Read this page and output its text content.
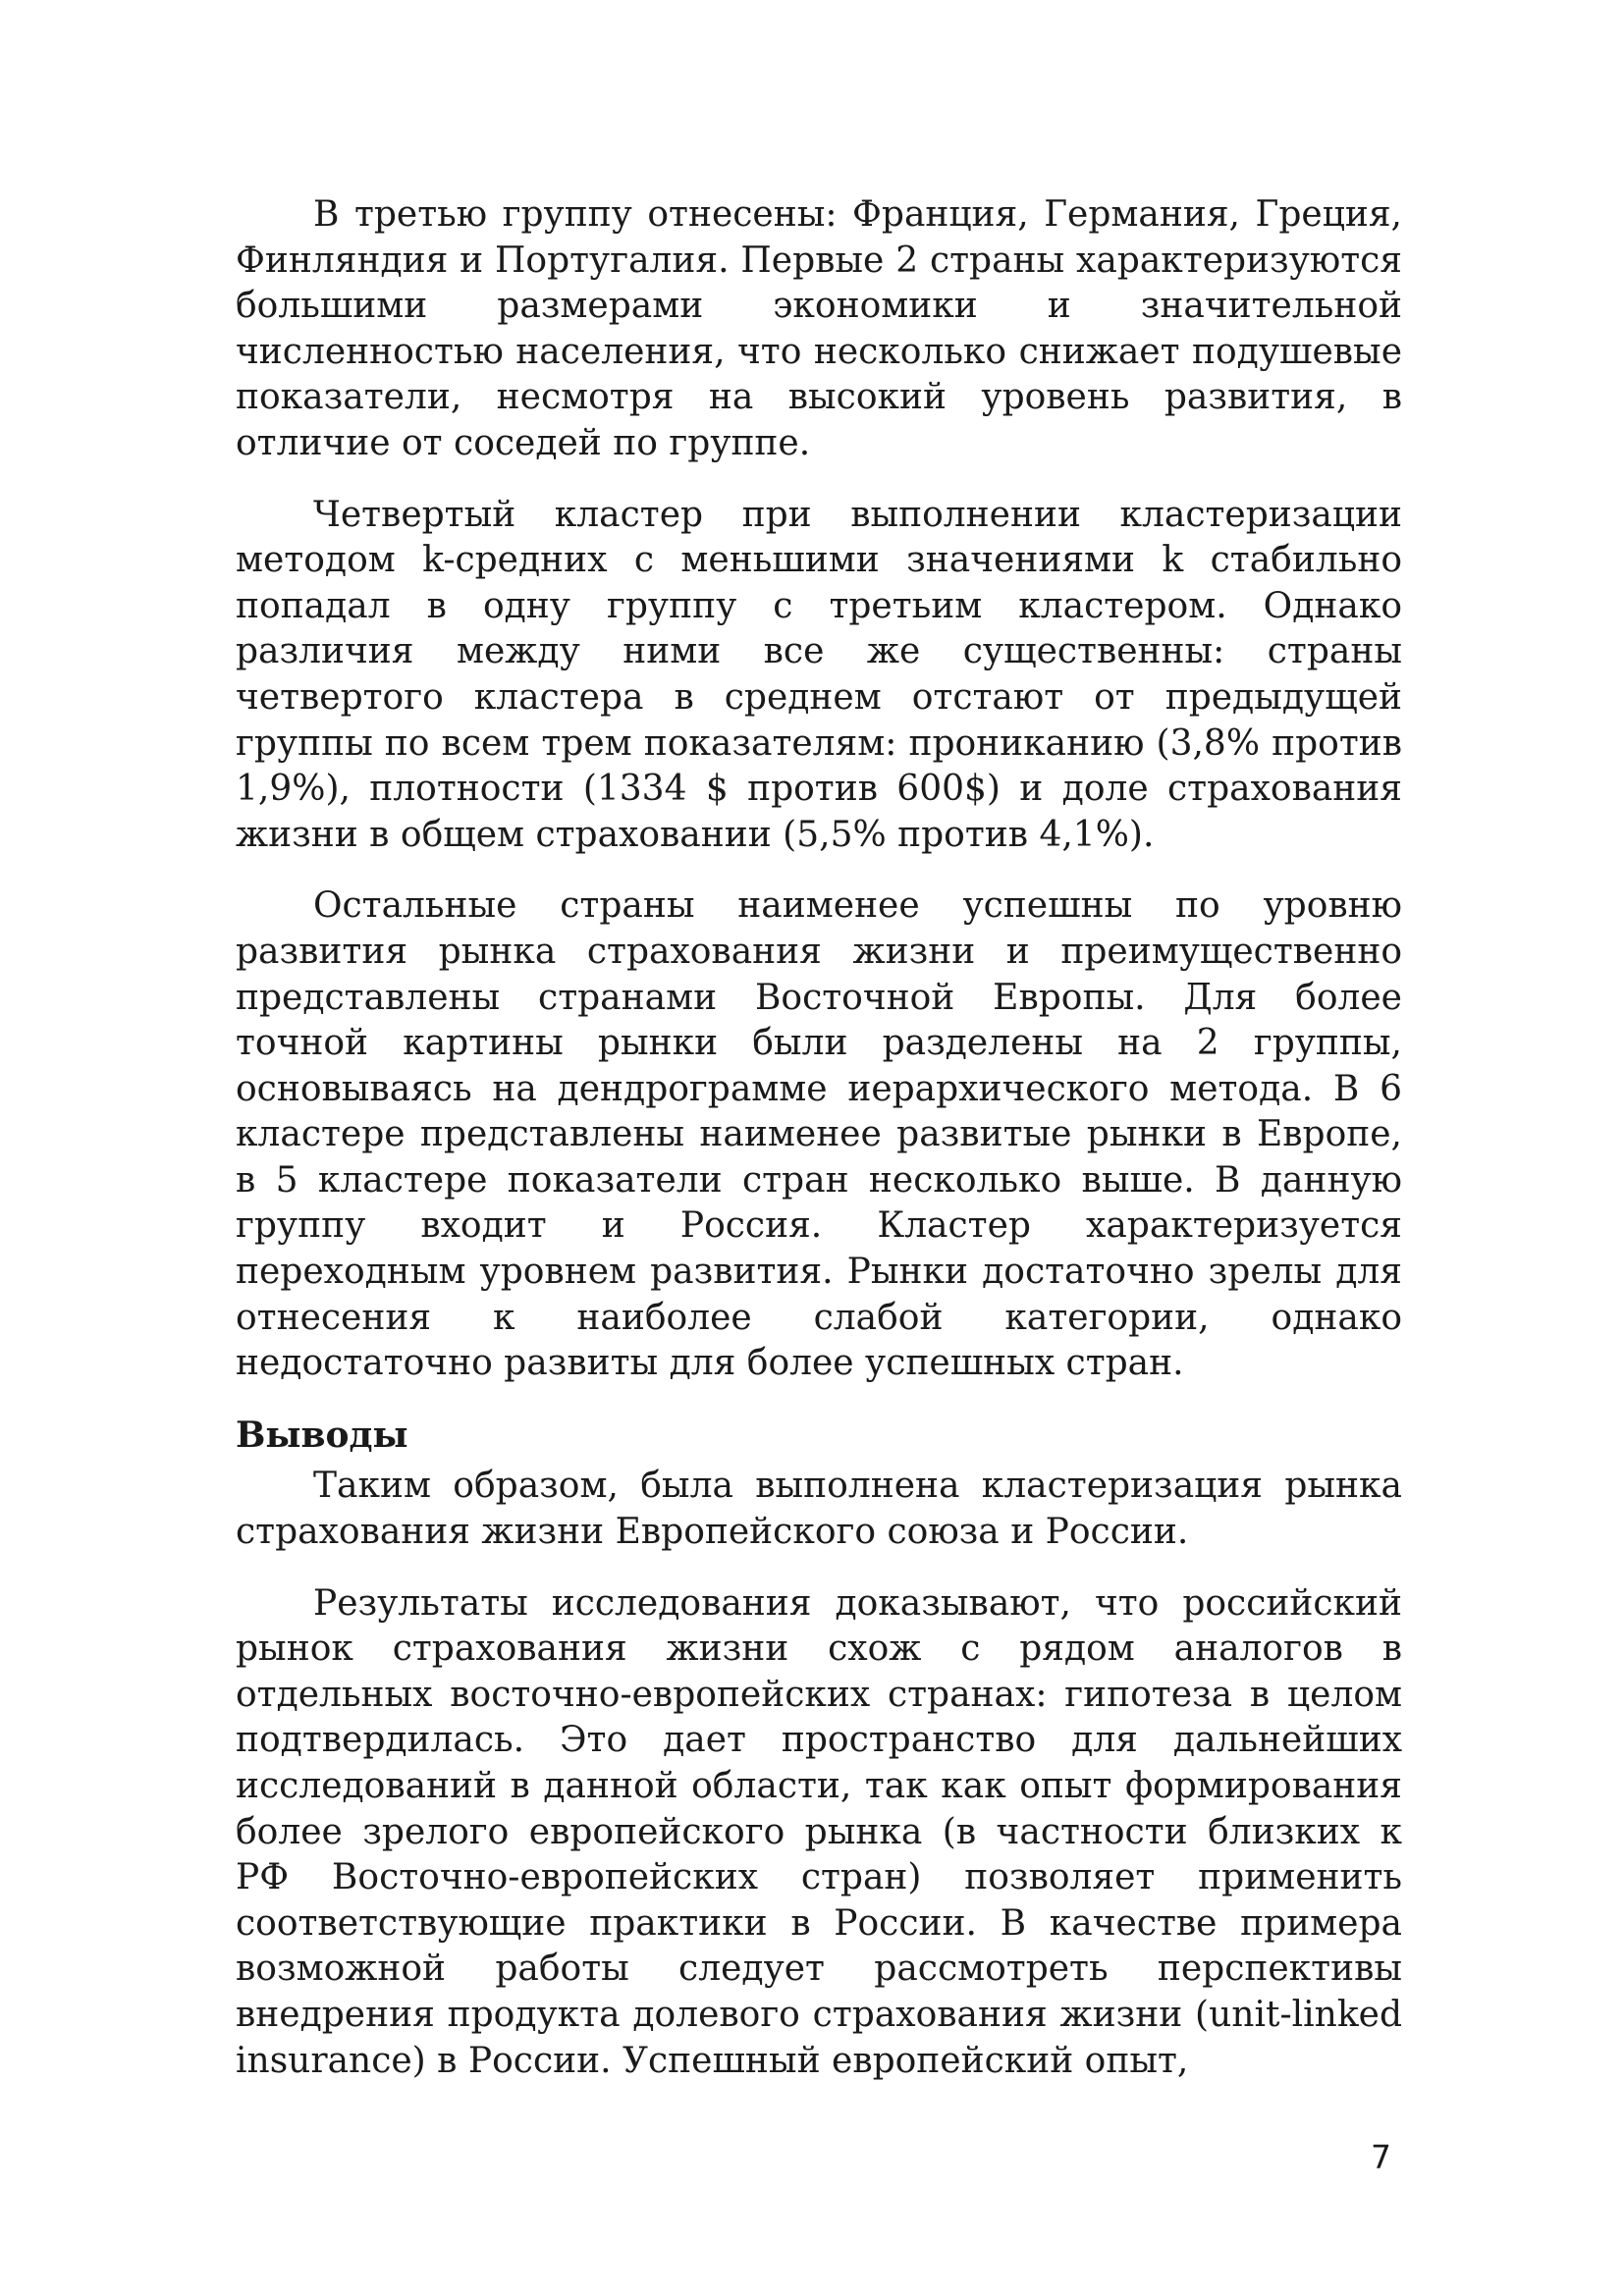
В третью группу отнесены: Франция, Германия, Греция, Финляндия и Португалия. Первые 2 страны характеризуются большими размерами экономики и значительной численностью населения, что несколько снижает подушевые показатели, несмотря на высокий уровень развития, в отличие от соседей по группе.

Четвертый кластер при выполнении кластеризации методом k-средних с меньшими значениями k стабильно попадал в одну группу с третьим кластером. Однако различия между ними все же существенны: страны четвертого кластера в среднем отстают от предыдущей группы по всем трем показателям: прониканию (3,8% против 1,9%), плотности (1334 $ против 600$) и доле страхования жизни в общем страховании (5,5% против 4,1%).

Остальные страны наименее успешны по уровню развития рынка страхования жизни и преимущественно представлены странами Восточной Европы. Для более точной картины рынки были разделены на 2 группы, основываясь на дендрограмме иерархического метода. В 6 кластере представлены наименее развитые рынки в Европе, в 5 кластере показатели стран несколько выше. В данную группу входит и Россия. Кластер характеризуется переходным уровнем развития. Рынки достаточно зрелы для отнесения к наиболее слабой категории, однако недостаточно развиты для более успешных стран.

Выводы

Таким образом, была выполнена кластеризация рынка страхования жизни Европейского союза и России.

Результаты исследования доказывают, что российский рынок страхования жизни схож с рядом аналогов в отдельных восточно-европейских странах: гипотеза в целом подтвердилась. Это дает пространство для дальнейших исследований в данной области, так как опыт формирования более зрелого европейского рынка (в частности близких к РФ Восточно-европейских стран) позволяет применить соответствующие практики в России. В качестве примера возможной работы следует рассмотреть перспективы внедрения продукта долевого страхования жизни (unit-linked insurance) в России. Успешный европейский опыт,

7
